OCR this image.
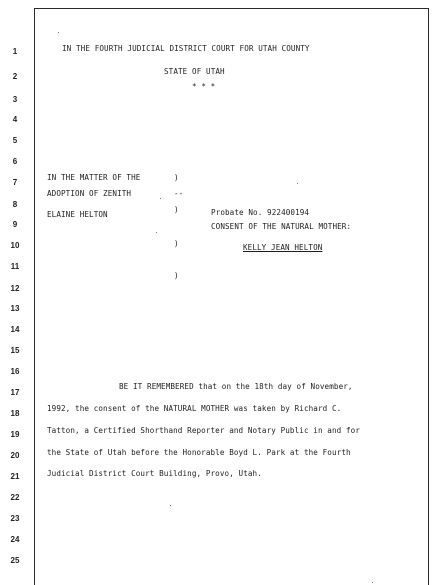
1
2
3
4
5
6
7
8
9
10
11
12
13
14
15
16
17
18
19
20
21
22
23
24
25
IN THE FOURTH JUDICIAL DISTRICT COURT FOR UTAH COUNTY
STATE OF UTAH
* * *
IN THE MATTER OF THE
ADOPTION OF ZENITH
ELAINE HELTON
)
--
)
)
)
Probate No. 922400194
CONSENT OF THE NATURAL MOTHER:
KELLY JEAN HELTON
BE IT REMEMBERED that on the 18th day of November,
1992, the consent of the NATURAL MOTHER was taken by Richard C.
Tatton, a Certified Shorthand Reporter and Notary Public in and for
the State of Utah before the Honorable Boyd L. Park at the Fourth
Judicial District Court Building, Provo, Utah.
